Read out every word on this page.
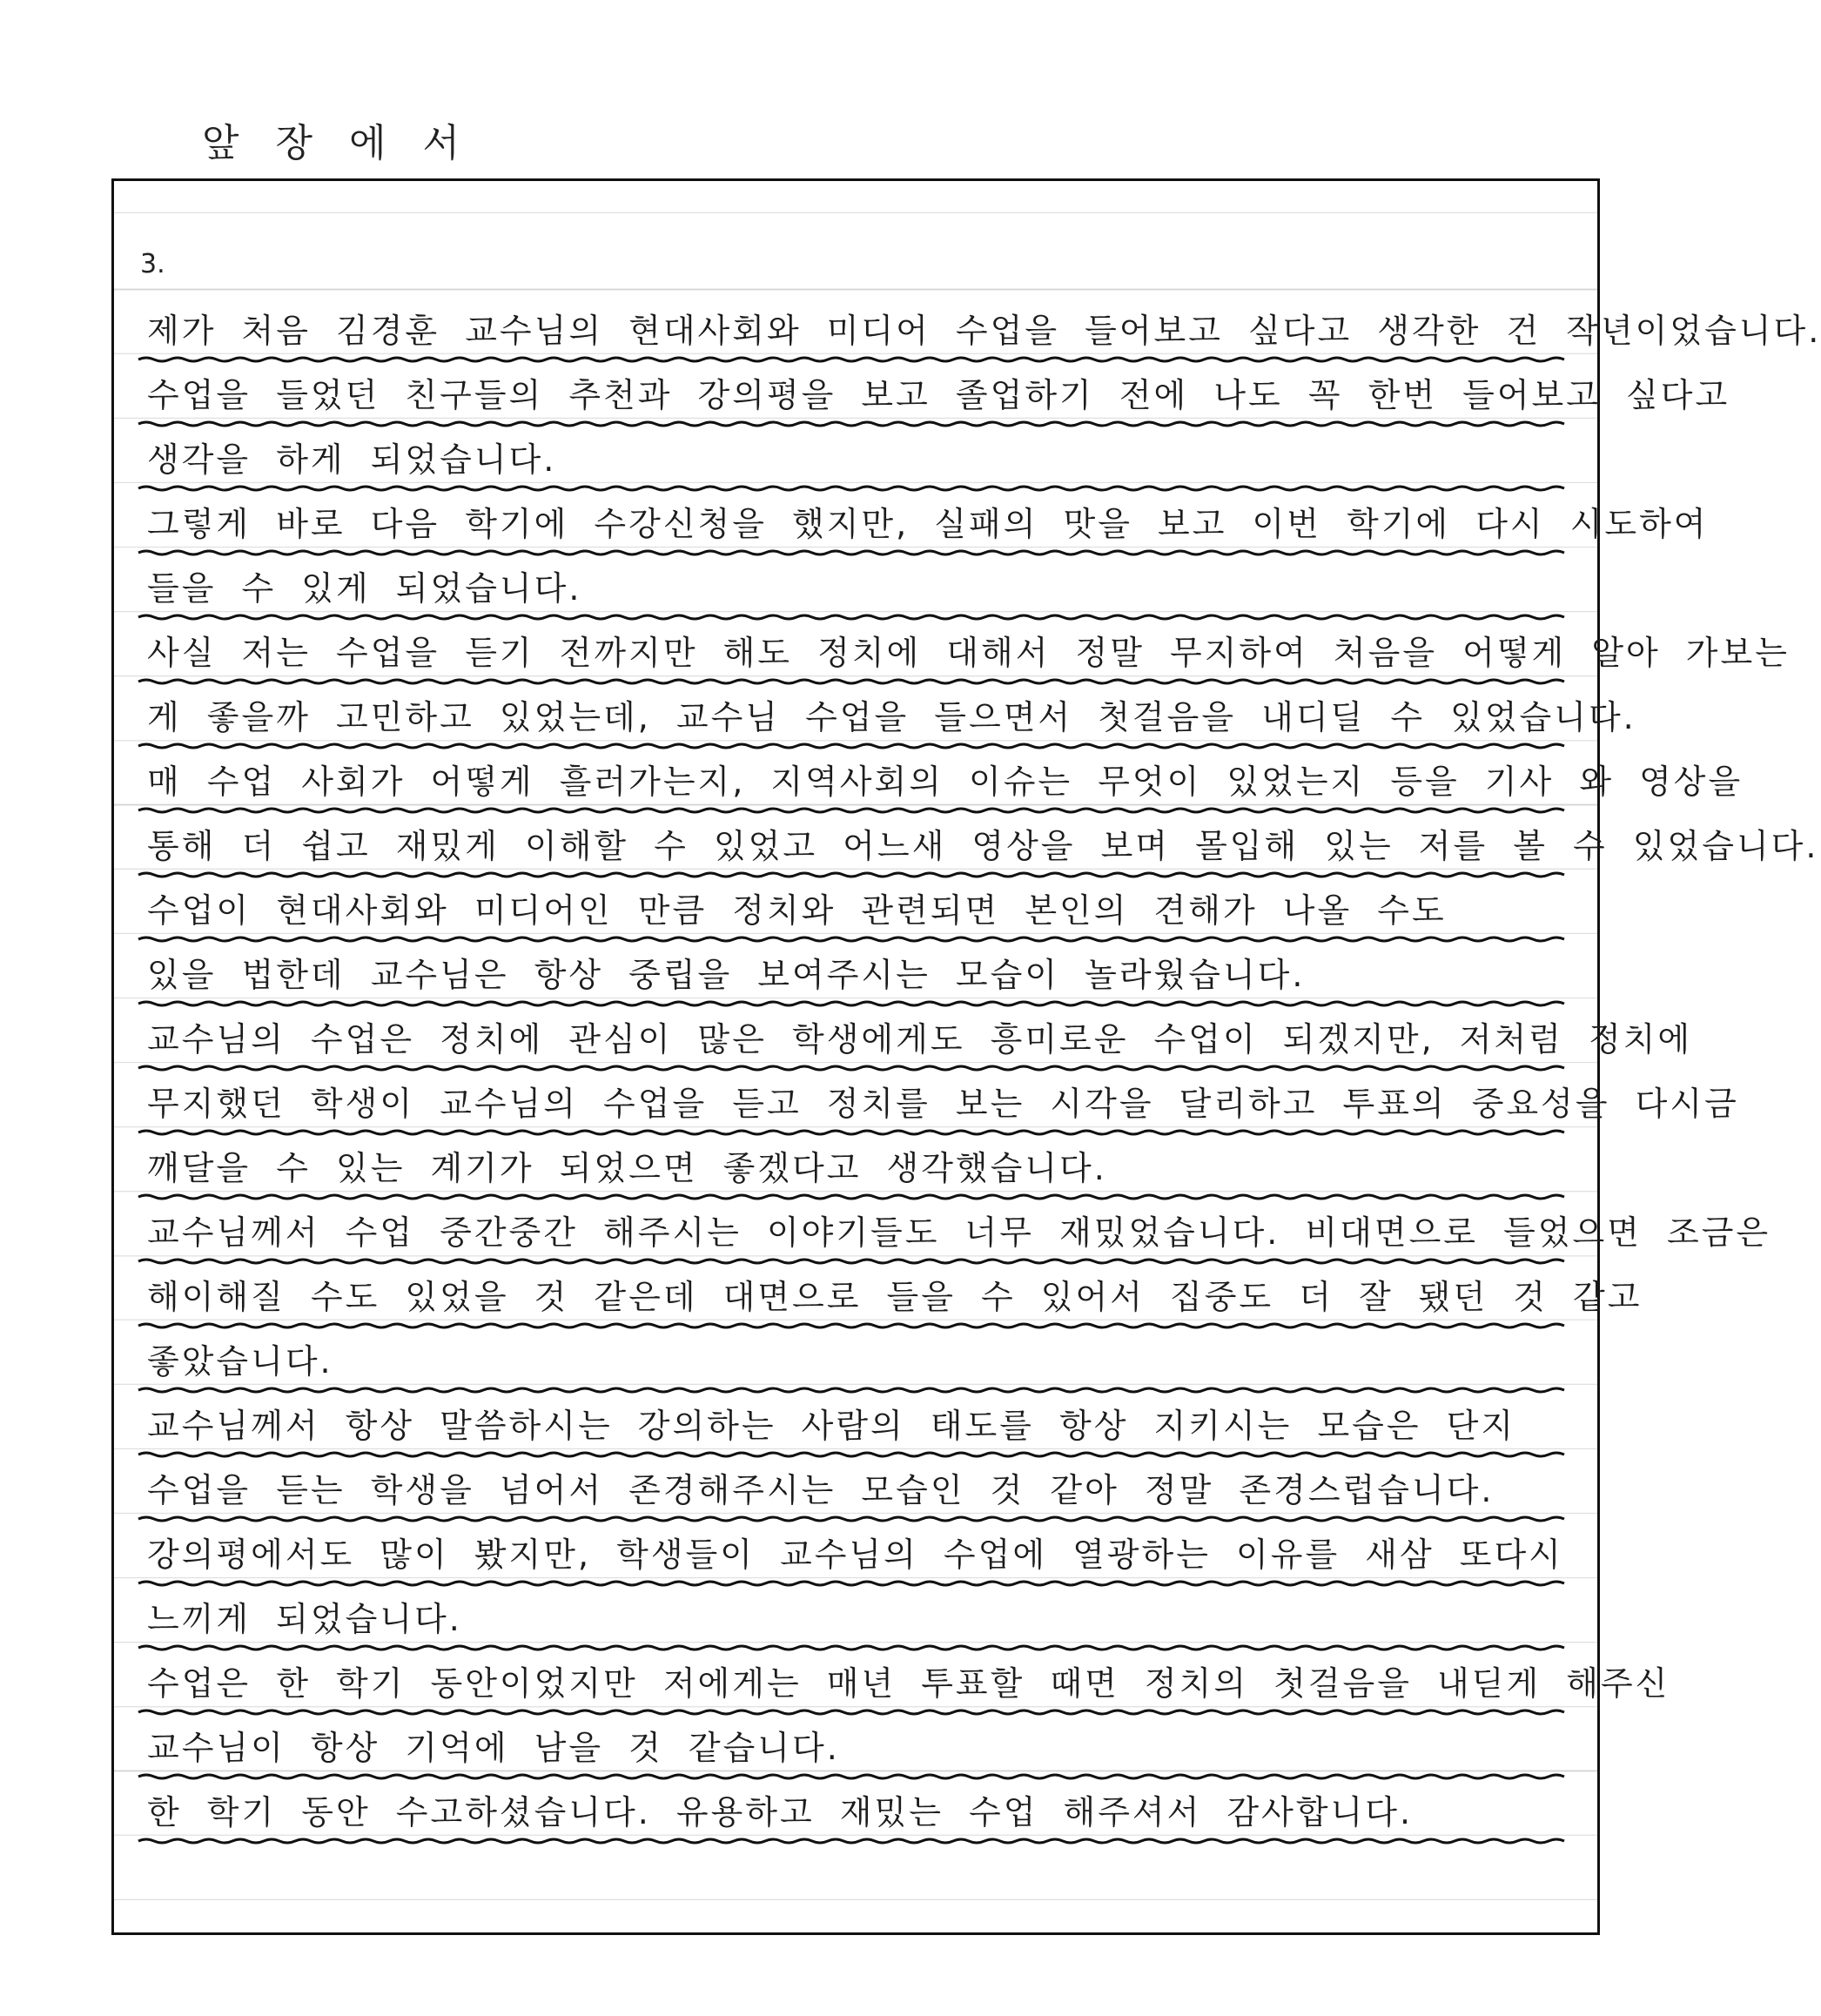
앞 장 에 서
3.
제가 처음 김경훈 교수님의 현대사회와 미디어 수업을 들어보고 싶다고 생각한 건 작년이었습니다.
수업을 들었던 친구들의 추천과 강의평을 보고 졸업하기 전에 나도 꼭 한번 들어보고 싶다고
생각을 하게 되었습니다.
그렇게 바로 다음 학기에 수강신청을 했지만, 실패의 맛을 보고 이번 학기에 다시 시도하여
들을 수 있게 되었습니다.
사실 저는 수업을 듣기 전까지만 해도 정치에 대해서 정말 무지하여 처음을 어떻게 알아 가보는
게 좋을까 고민하고 있었는데, 교수님 수업을 들으면서 첫걸음을 내디딜 수 있었습니다.
매 수업 사회가 어떻게 흘러가는지, 지역사회의 이슈는 무엇이 있었는지 등을 기사 와 영상을
통해 더 쉽고 재밌게 이해할 수 있었고 어느새 영상을 보며 몰입해 있는 저를 볼 수 있었습니다.
수업이 현대사회와 미디어인 만큼 정치와 관련되면 본인의 견해가 나올 수도
있을 법한데 교수님은 항상 중립을 보여주시는 모습이 놀라웠습니다.
교수님의 수업은 정치에 관심이 많은 학생에게도 흥미로운 수업이 되겠지만, 저처럼 정치에
무지했던 학생이 교수님의 수업을 듣고 정치를 보는 시각을 달리하고 투표의 중요성을 다시금
깨달을 수 있는 계기가 되었으면 좋겠다고 생각했습니다.
교수님께서 수업 중간중간 해주시는 이야기들도 너무 재밌었습니다. 비대면으로 들었으면 조금은
해이해질 수도 있었을 것 같은데 대면으로 들을 수 있어서 집중도 더 잘 됐던 것 같고
좋았습니다.
교수님께서 항상 말씀하시는 강의하는 사람의 태도를 항상 지키시는 모습은 단지
수업을 듣는 학생을 넘어서 존경해주시는 모습인 것 같아 정말 존경스럽습니다.
강의평에서도 많이 봤지만, 학생들이 교수님의 수업에 열광하는 이유를 새삼 또다시
느끼게 되었습니다.
수업은 한 학기 동안이었지만 저에게는 매년 투표할 때면 정치의 첫걸음을 내딛게 해주신
교수님이 항상 기억에 남을 것 같습니다.
한 학기 동안 수고하셨습니다. 유용하고 재밌는 수업 해주셔서 감사합니다.
